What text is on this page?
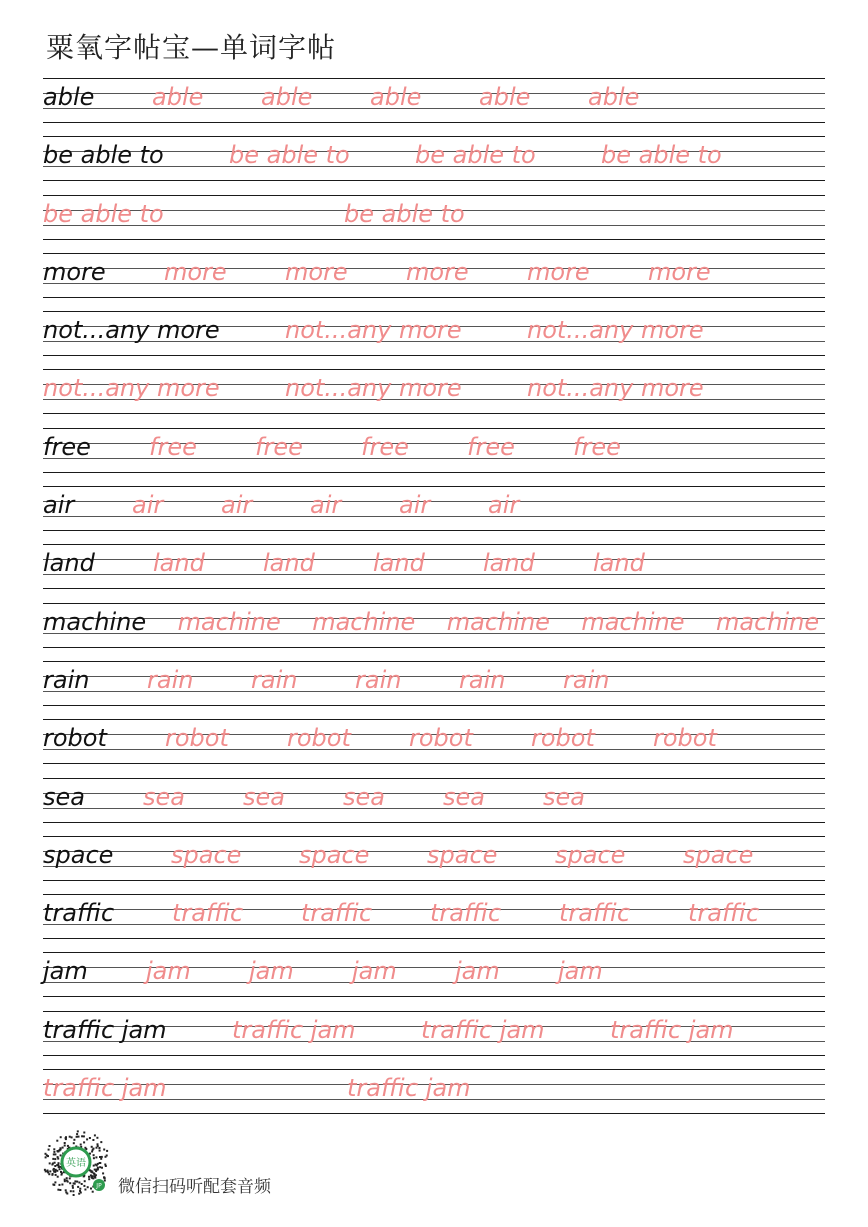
粟氧字帖宝—单词字帖
able able able able able able
be able to	be able to	be able to	be able to
be able to	be able to
more more more more more more
not...any more	not...any more	not...any more
not...any more	not...any more	not...any more
free free free free free free
air air air air air air
land land land land land land
machine machine machine machine machine machine
rain rain rain rain rain rain
robot robot robot robot robot robot
sea sea sea sea sea sea
space space space space space space
traffic traffic traffic traffic traffic traffic
jam jam jam jam jam jam
traffic jam	traffic jam	traffic jam	traffic jam
traffic jam	traffic jam
英语
JP 微信扫码听配套音频
